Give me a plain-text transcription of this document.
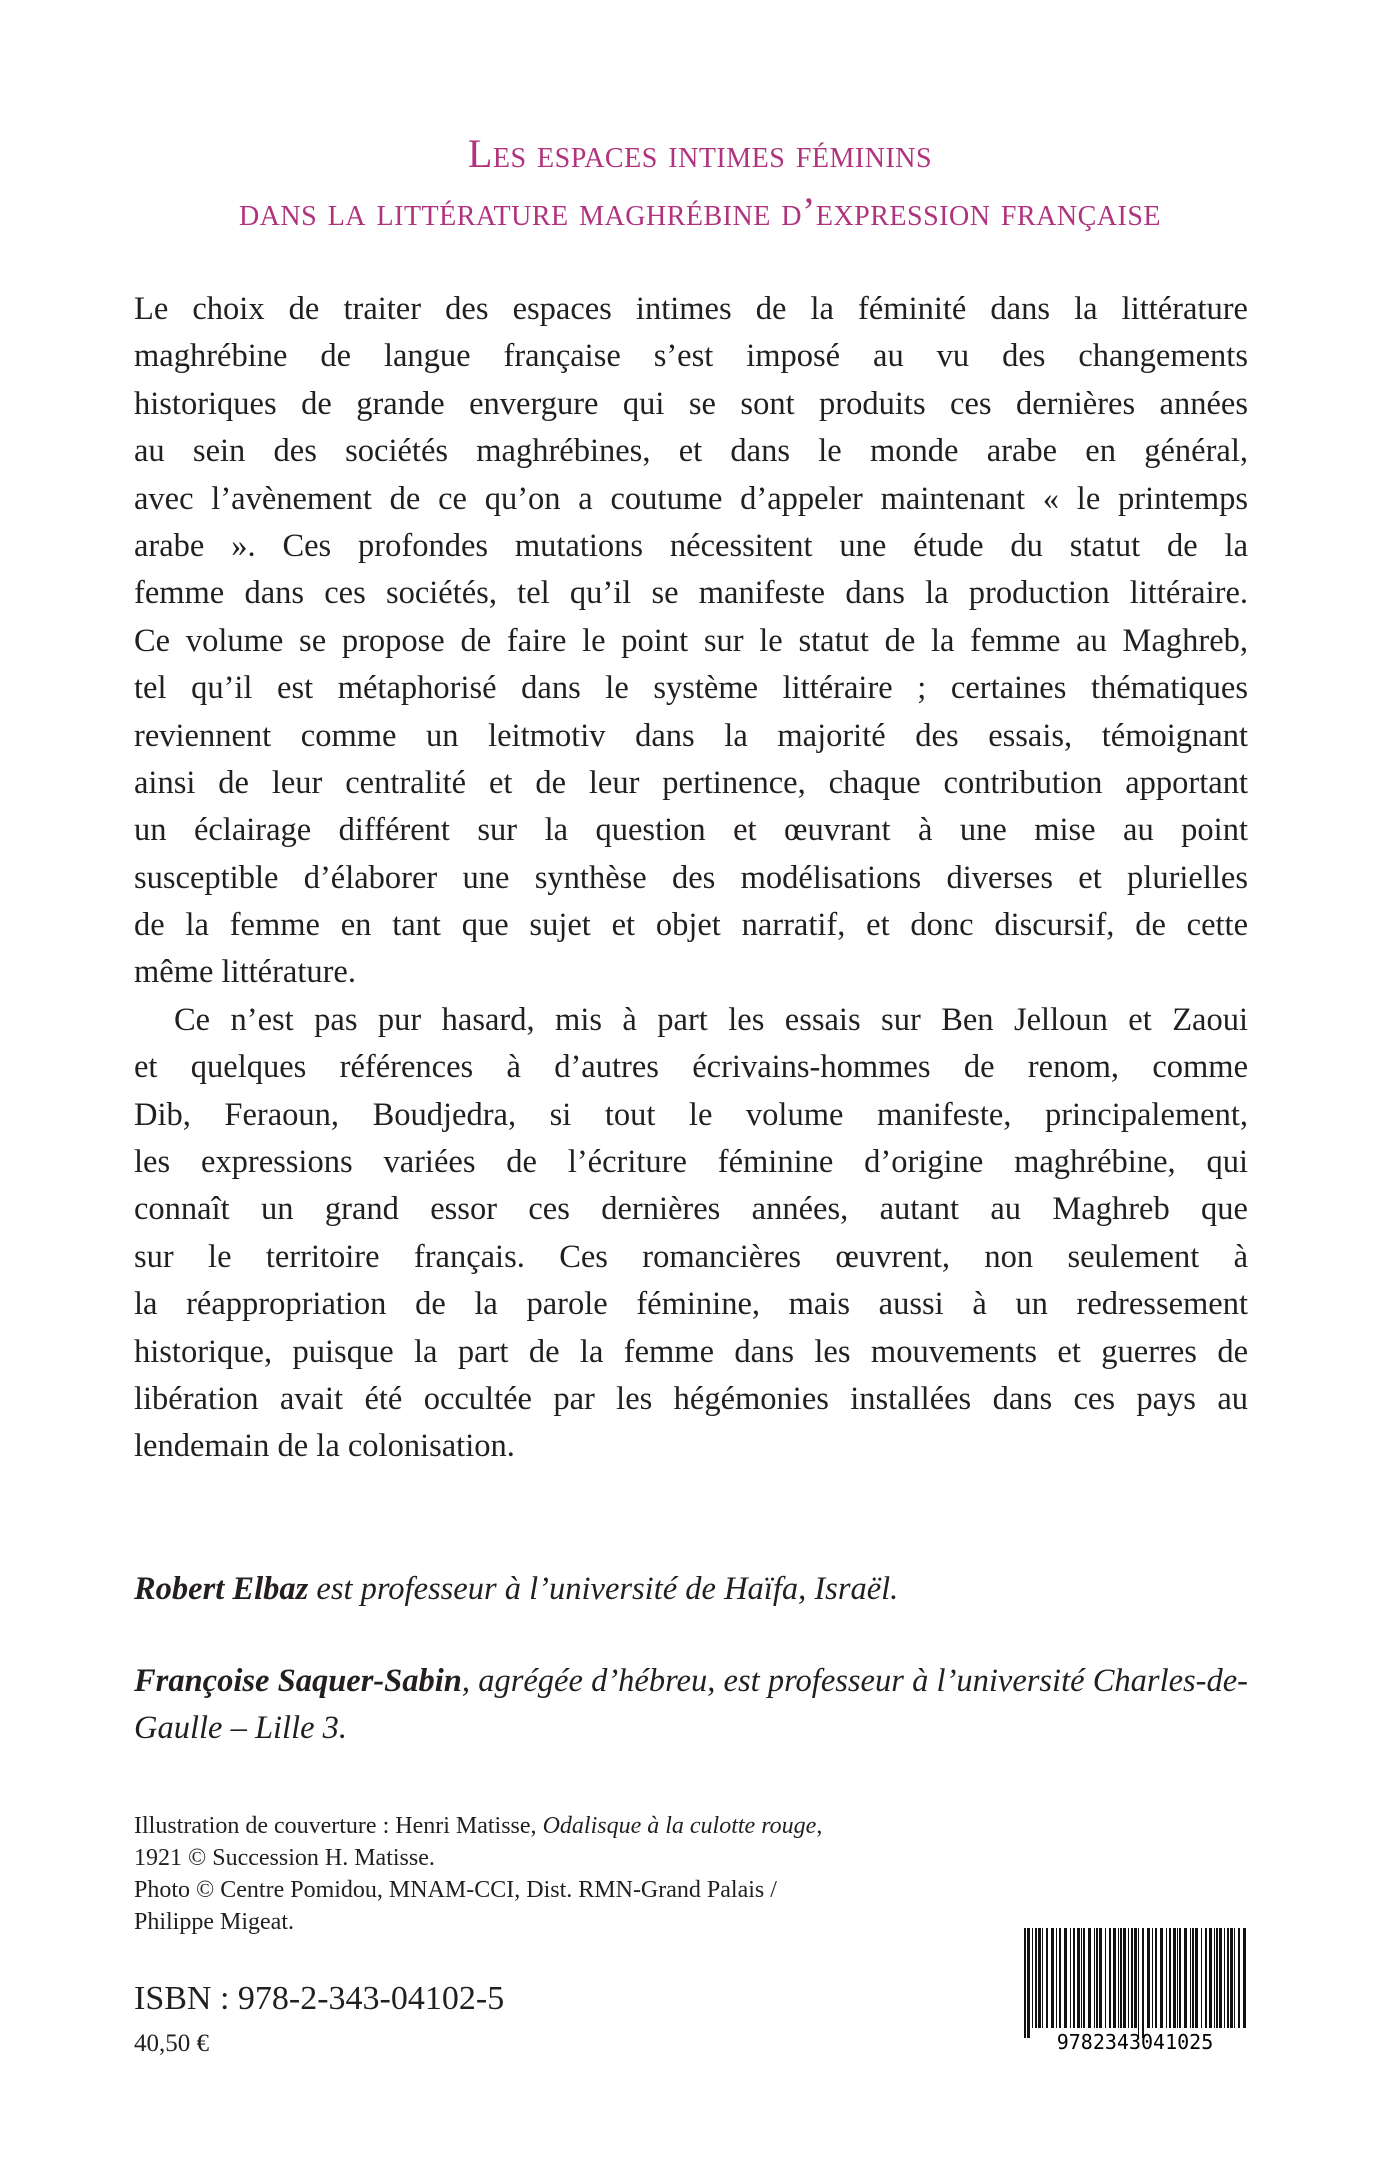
Les espaces intimes féminins
dans la littérature maghrébine d’expression française
Le choix de traiter des espaces intimes de la féminité dans la littérature
maghrébine de langue française s’est imposé au vu des changements
historiques de grande envergure qui se sont produits ces dernières années
au sein des sociétés maghrébines, et dans le monde arabe en général,
avec l’avènement de ce qu’on a coutume d’appeler maintenant « le printemps
arabe ». Ces profondes mutations nécessitent une étude du statut de la
femme dans ces sociétés, tel qu’il se manifeste dans la production littéraire.
Ce volume se propose de faire le point sur le statut de la femme au Maghreb,
tel qu’il est métaphorisé dans le système littéraire ; certaines thématiques
reviennent comme un leitmotiv dans la majorité des essais, témoignant
ainsi de leur centralité et de leur pertinence, chaque contribution apportant
un éclairage différent sur la question et œuvrant à une mise au point
susceptible d’élaborer une synthèse des modélisations diverses et plurielles
de la femme en tant que sujet et objet narratif, et donc discursif, de cette
même littérature.
Ce n’est pas pur hasard, mis à part les essais sur Ben Jelloun et Zaoui
et quelques références à d’autres écrivains-hommes de renom, comme
Dib, Feraoun, Boudjedra, si tout le volume manifeste, principalement,
les expressions variées de l’écriture féminine d’origine maghrébine, qui
connaît un grand essor ces dernières années, autant au Maghreb que
sur le territoire français. Ces romancières œuvrent, non seulement à
la réappropriation de la parole féminine, mais aussi à un redressement
historique, puisque la part de la femme dans les mouvements et guerres de
libération avait été occultée par les hégémonies installées dans ces pays au
lendemain de la colonisation.
Robert Elbaz est professeur à l’université de Haïfa, Israël.
Françoise Saquer-Sabin, agrégée d’hébreu, est professeur à l’université Charles-de-Gaulle – Lille 3.
Illustration de couverture : Henri Matisse, Odalisque à la culotte rouge,
1921 © Succession H. Matisse.
Photo © Centre Pomidou, MNAM-CCI, Dist. RMN-Grand Palais /
Philippe Migeat.
ISBN : 978-2-343-04102-5
40,50 €	9782343041025
